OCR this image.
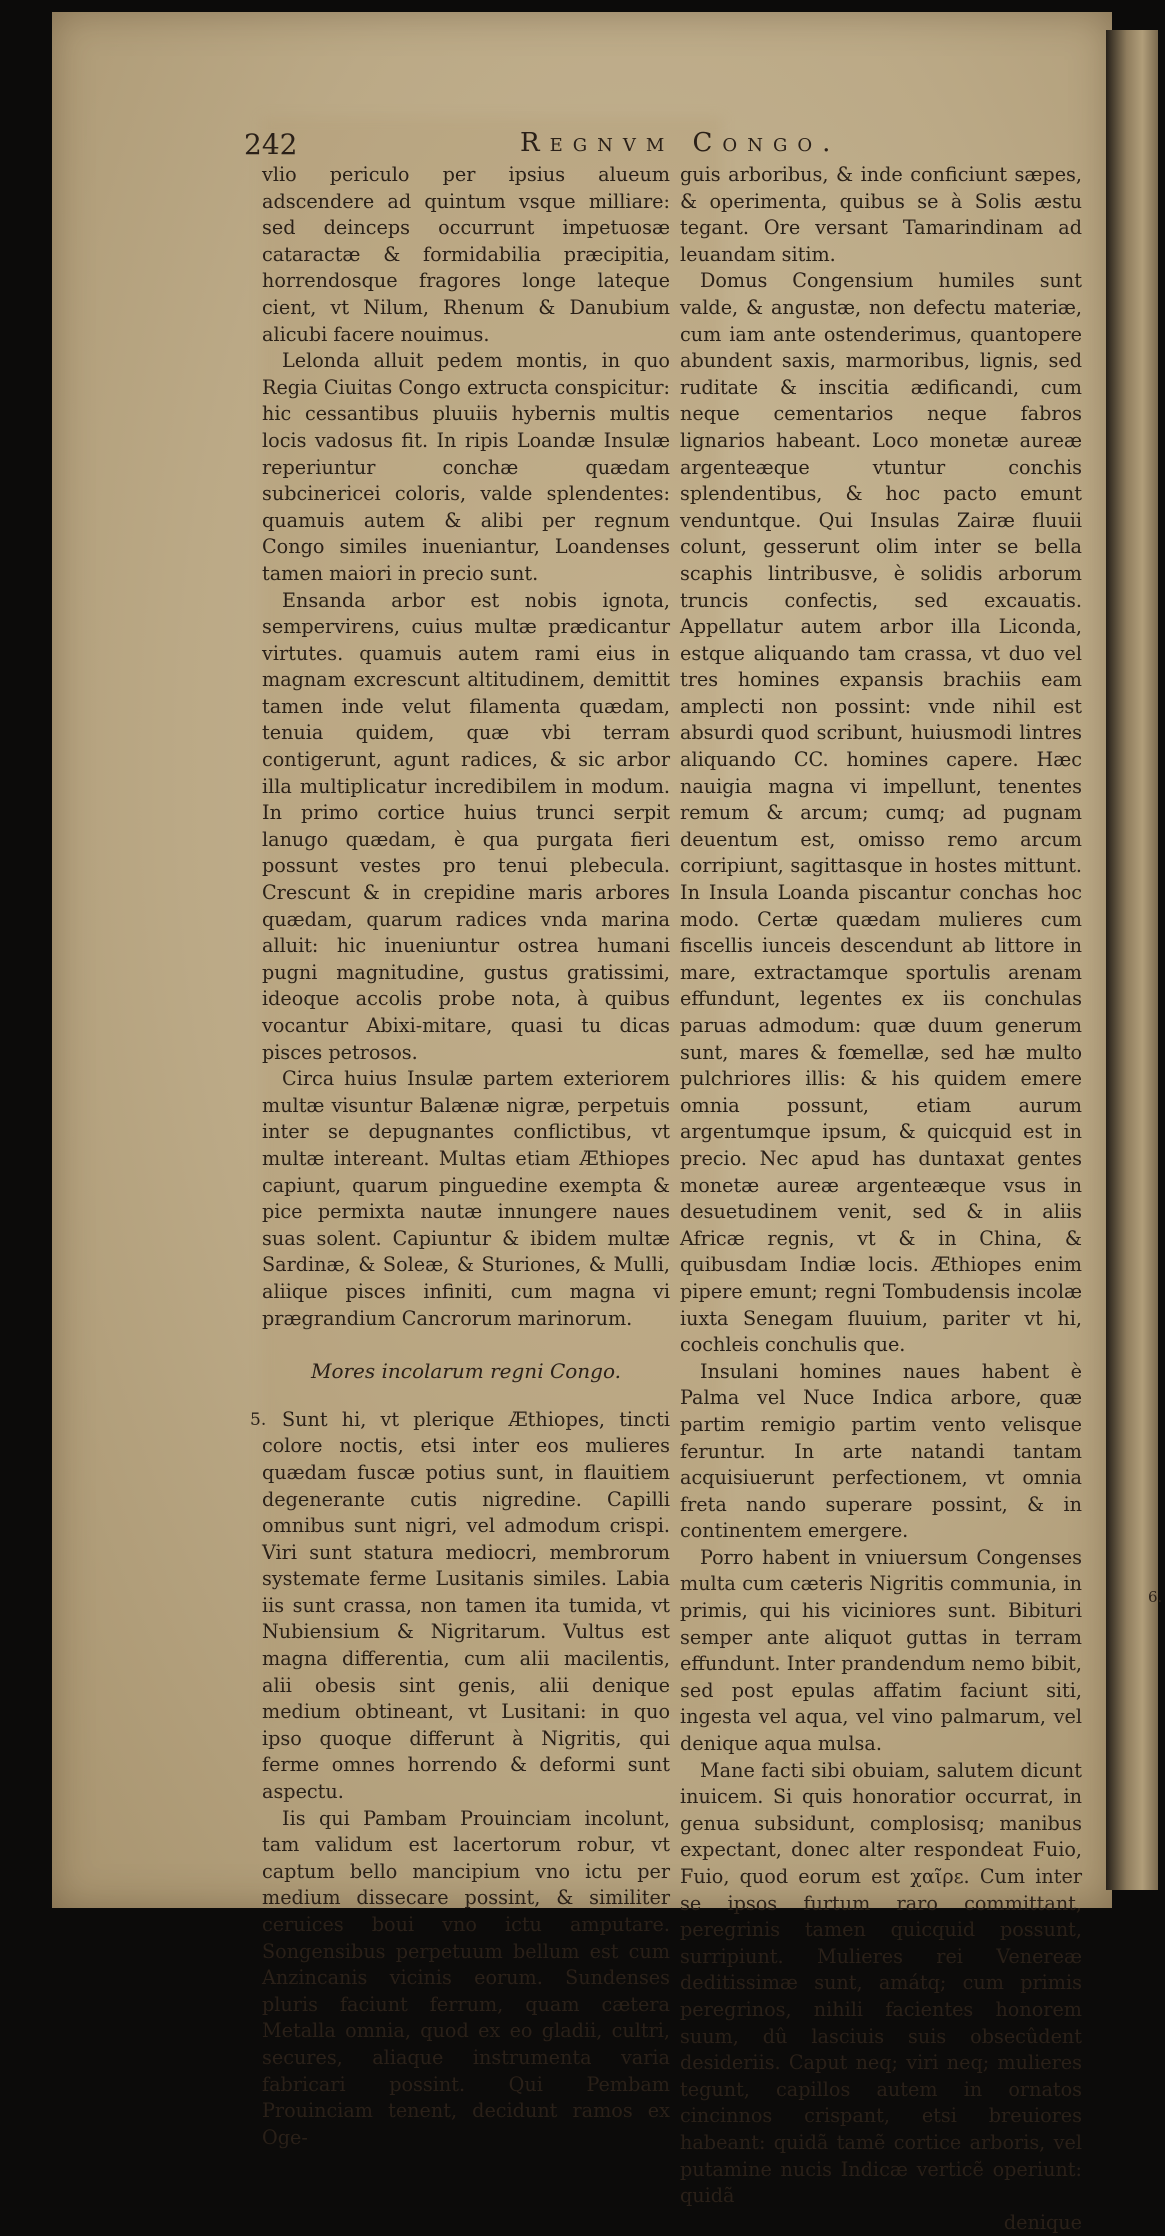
6.
242	Regnvm Congo.

vlio periculo per ipsius alueum adscendere ad quintum vsque milliare: sed deinceps occurrunt impetuosæ cataractæ & formidabilia præcipitia, horrendosque fragores longe lateque cient, vt Nilum, Rhenum & Danubium alicubi facere nouimus.

Lelonda alluit pedem montis, in quo Regia Ciuitas Congo extructa conspicitur: hic cessantibus pluuiis hybernis multis locis vadosus fit. In ripis Loandæ Insulæ reperiuntur conchæ quædam subcinericei coloris, valde splendentes: quamuis autem & alibi per regnum Congo similes inueniantur, Loandenses tamen maiori in precio sunt.

Ensanda arbor est nobis ignota, sempervirens, cuius multæ prædicantur virtutes. quamuis autem rami eius in magnam excrescunt altitudinem, demittit tamen inde velut filamenta quædam, tenuia quidem, quæ vbi terram contigerunt, agunt radices, & sic arbor illa multiplicatur incredibilem in modum. In primo cortice huius trunci serpit lanugo quædam, è qua purgata fieri possunt vestes pro tenui plebecula. Crescunt & in crepidine maris arbores quædam, quarum radices vnda marina alluit: hic inueniuntur ostrea humani pugni magnitudine, gustus gratissimi, ideoque accolis probe nota, à quibus vocantur Abixi-mitare, quasi tu dicas pisces petrosos.

Circa huius Insulæ partem exteriorem multæ visuntur Balænæ nigræ, perpetuis inter se depugnantes conflictibus, vt multæ intereant. Multas etiam Æthiopes capiunt, quarum pinguedine exempta & pice permixta nautæ innungere naues suas solent. Capiuntur & ibidem multæ Sardinæ, & Soleæ, & Sturiones, & Mulli, aliique pisces infiniti, cum magna vi prægrandium Cancrorum marinorum.

Mores incolarum regni Congo.

5. Sunt hi, vt plerique Æthiopes, tincti colore noctis, etsi inter eos mulieres quædam fuscæ potius sunt, in flauitiem degenerante cutis nigredine. Capilli omnibus sunt nigri, vel admodum crispi. Viri sunt statura mediocri, membrorum systemate ferme Lusitanis similes. Labia iis sunt crassa, non tamen ita tumida, vt Nubiensium & Nigritarum. Vultus est magna differentia, cum alii macilentis, alii obesis sint genis, alii denique medium obtineant, vt Lusitani: in quo ipso quoque differunt à Nigritis, qui ferme omnes horrendo & deformi sunt aspectu.

Iis qui Pambam Prouinciam incolunt, tam validum est lacertorum robur, vt captum bello mancipium vno ictu per medium dissecare possint, & similiter ceruices boui vno ictu amputare. Songensibus perpetuum bellum est cum Anzincanis vicinis eorum. Sundenses pluris faciunt ferrum, quam cætera Metalla omnia, quod ex eo gladii, cultri, secures, aliaque instrumenta varia fabricari possint. Qui Pembam Prouinciam tenent, decidunt ramos ex Oge-

guis arboribus, & inde conficiunt sæpes, & operimenta, quibus se à Solis æstu tegant. Ore versant Tamarindinam ad leuandam sitim.

Domus Congensium humiles sunt valde, & angustæ, non defectu materiæ, cum iam ante ostenderimus, quantopere abundent saxis, marmoribus, lignis, sed ruditate & inscitia ædificandi, cum neque cementarios neque fabros lignarios habeant. Loco monetæ aureæ argenteæque vtuntur conchis splendentibus, & hoc pacto emunt venduntque. Qui Insulas Zairæ fluuii colunt, gesserunt olim inter se bella scaphis lintribusve, è solidis arborum truncis confectis, sed excauatis. Appellatur autem arbor illa Liconda, estque aliquando tam crassa, vt duo vel tres homines expansis brachiis eam amplecti non possint: vnde nihil est absurdi quod scribunt, huiusmodi lintres aliquando CC. homines capere. Hæc nauigia magna vi impellunt, tenentes remum & arcum; cumq; ad pugnam deuentum est, omisso remo arcum corripiunt, sagittasque in hostes mittunt. In Insula Loanda piscantur conchas hoc modo. Certæ quædam mulieres cum fiscellis iunceis descendunt ab littore in mare, extractamque sportulis arenam effundunt, legentes ex iis conchulas paruas admodum: quæ duum generum sunt, mares & fœmellæ, sed hæ multo pulchriores illis: & his quidem emere omnia possunt, etiam aurum argentumque ipsum, & quicquid est in precio. Nec apud has duntaxat gentes monetæ aureæ argenteæque vsus in desuetudinem venit, sed & in aliis Africæ regnis, vt & in China, & quibusdam Indiæ locis. Æthiopes enim pipere emunt; regni Tombudensis incolæ iuxta Senegam fluuium, pariter vt hi, cochleis conchulis que.

Insulani homines naues habent è Palma vel Nuce Indica arbore, quæ partim remigio partim vento velisque feruntur. In arte natandi tantam acquisiuerunt perfectionem, vt omnia freta nando superare possint, & in continentem emergere.

Porro habent in vniuersum Congenses multa cum cæteris Nigritis communia, in primis, qui his viciniores sunt. Bibituri semper ante aliquot guttas in terram effundunt. Inter prandendum nemo bibit, sed post epulas affatim faciunt siti, ingesta vel aqua, vel vino palmarum, vel denique aqua mulsa.

Mane facti sibi obuiam, salutem dicunt inuicem. Si quis honoratior occurrat, in genua subsidunt, complosisq; manibus expectant, donec alter respondeat Fuio, Fuio, quod eorum est χαῖρε. Cum inter se ipsos furtum raro committant, peregrinis tamen quicquid possunt, surripiunt. Mulieres rei Venereæ deditissimæ sunt, amátq; cum primis peregrinos, nihili facientes honorem suum, dû lasciuis suis obsecûdent desideriis. Caput neq; viri neq; mulieres tegunt, capillos autem in ornatos cincinnos crispant, etsi breuiores habeant: quidã tamẽ cortice arboris, vel putamine nucis Indicæ verticẽ operiunt: quidã

denique
